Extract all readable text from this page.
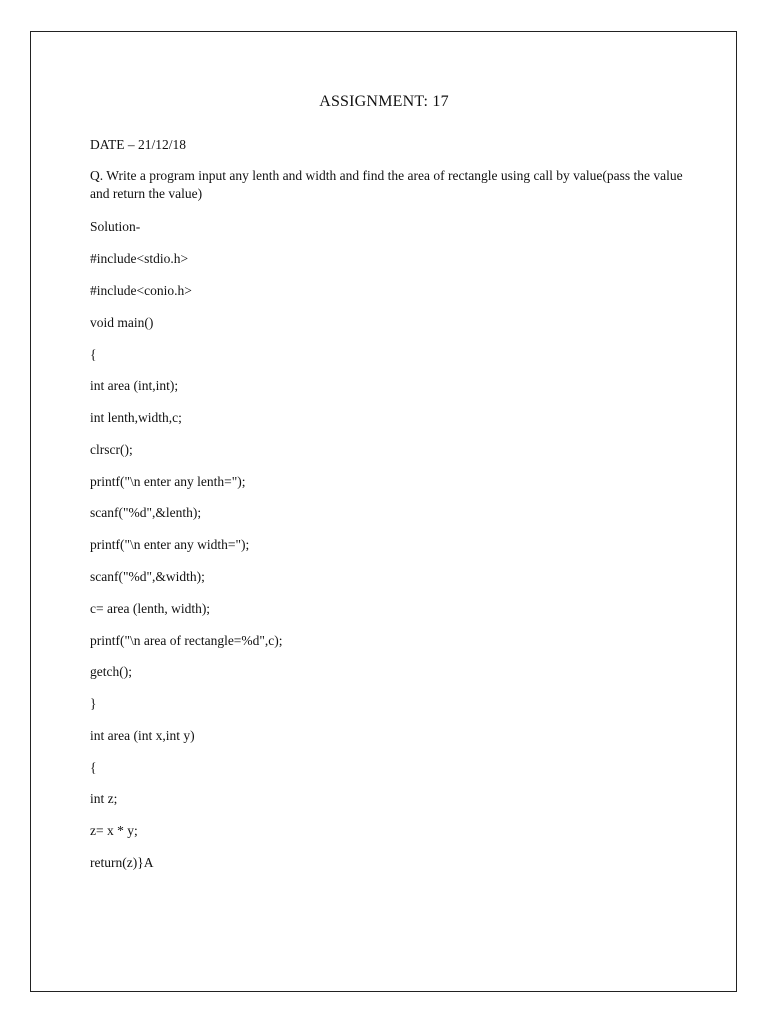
ASSIGNMENT: 17
DATE – 21/12/18
Q. Write a program input any lenth and width and find the area of rectangle using call by value(pass the value and return the value)
Solution-
#include<stdio.h>
#include<conio.h>
void main()
{
int area (int,int);
int lenth,width,c;
clrscr();
printf("\n enter any lenth=");
scanf("%d",&lenth);
printf("\n enter any width=");
scanf("%d",&width);
c= area (lenth, width);
printf("\n area of rectangle=%d",c);
getch();
}
int area (int x,int y)
{
int z;
z= x * y;
return(z)}A
